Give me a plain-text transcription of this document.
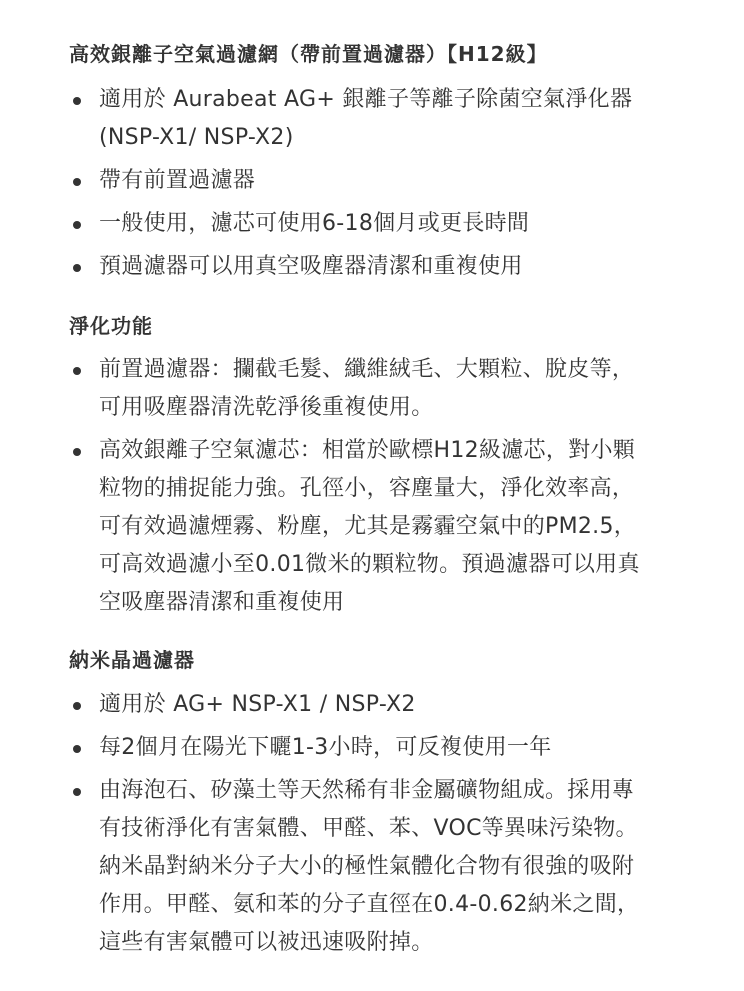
高效銀離子空氣過濾網（帶前置過濾器）【H12級】
適用於 Aurabeat AG+ 銀離子等離子除菌空氣淨化器
(NSP-X1/ NSP-X2)
帶有前置過濾器
一般使用，濾芯可使用6-18個月或更長時間
預過濾器可以用真空吸塵器清潔和重複使用
淨化功能
前置過濾器：攔截毛髮、纖維絨毛、大顆粒、脫皮等，
可用吸塵器清洗乾淨後重複使用。
高效銀離子空氣濾芯：相當於歐標H12級濾芯，對小顆
粒物的捕捉能力強。孔徑小，容塵量大，淨化效率高，
可有效過濾煙霧、粉塵，尤其是霧霾空氣中的PM2.5，
可高效過濾小至0.01微米的顆粒物。預過濾器可以用真
空吸塵器清潔和重複使用
納米晶過濾器
適用於 AG+ NSP-X1 / NSP-X2
每2個月在陽光下曬1-3小時，可反複使用一年
由海泡石、矽藻土等天然稀有非金屬礦物組成。採用專
有技術淨化有害氣體、甲醛、苯、VOC等異味污染物。
納米晶對納米分子大小的極性氣體化合物有很強的吸附
作用。甲醛、氨和苯的分子直徑在0.4-0.62納米之間，
這些有害氣體可以被迅速吸附掉。
